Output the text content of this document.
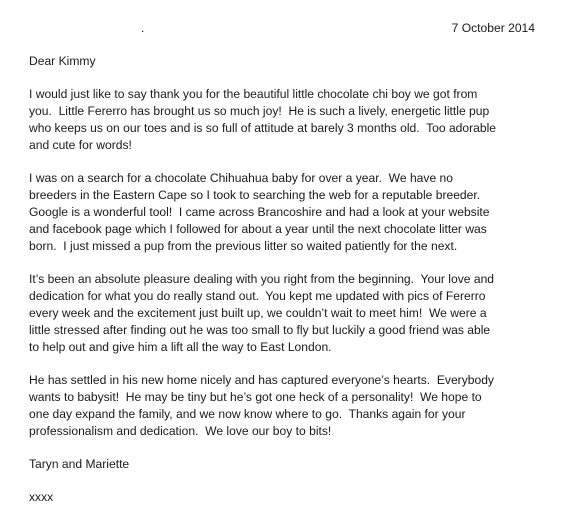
.	7 October 2014
Dear Kimmy
I would just like to say thank you for the beautiful little chocolate chi boy we got from
you.  Little Fererro has brought us so much joy!  He is such a lively, energetic little pup
who keeps us on our toes and is so full of attitude at barely 3 months old.  Too adorable
and cute for words!
I was on a search for a chocolate Chihuahua baby for over a year.  We have no
breeders in the Eastern Cape so I took to searching the web for a reputable breeder.
Google is a wonderful tool!  I came across Brancoshire and had a look at your website
and facebook page which I followed for about a year until the next chocolate litter was
born.  I just missed a pup from the previous litter so waited patiently for the next.
It’s been an absolute pleasure dealing with you right from the beginning.  Your love and
dedication for what you do really stand out.  You kept me updated with pics of Fererro
every week and the excitement just built up, we couldn’t wait to meet him!  We were a
little stressed after finding out he was too small to fly but luckily a good friend was able
to help out and give him a lift all the way to East London.
He has settled in his new home nicely and has captured everyone’s hearts.  Everybody
wants to babysit!  He may be tiny but he’s got one heck of a personality!  We hope to
one day expand the family, and we now know where to go.  Thanks again for your
professionalism and dedication.  We love our boy to bits!
Taryn and Mariette
xxxx
